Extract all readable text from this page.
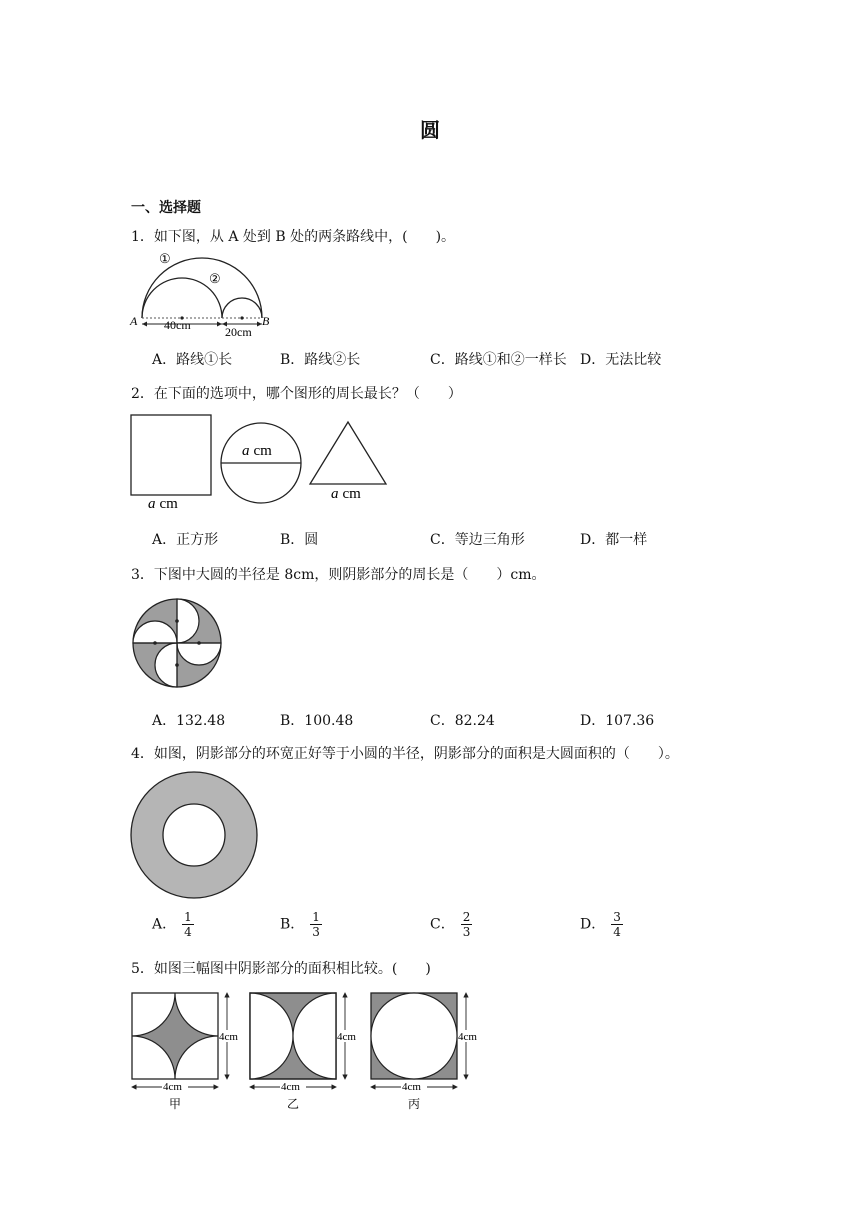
圆
一、选择题
1．如下图，从 A 处到 B 处的两条路线中，(　　)。
①
②
A	B
40cm	20cm
A．路线①长	B．路线②长	C．路线①和②一样长 D．无法比较
2．在下面的选项中，哪个图形的周长最长？（　　）
a cm
a cm
a cm
A．正方形	B．圆	C．等边三角形	D．都一样
3．下图中大圆的半径是 8cm，则阴影部分的周长是（　　）cm。
A．132.48	B．100.48	C．82.24	D．107.36
4．如图，阴影部分的环宽正好等于小圆的半径，阴影部分的面积是大圆面积的（　　）。
A． $\frac{1}{4}$	B． $\frac{1}{3}$	C． $\frac{2}{3}$	D． $\frac{3}{4}$
5．如图三幅图中阴影部分的面积相比较。(　　)
4cm
4cm
甲
4cm
4cm
乙
4cm
4cm
丙
